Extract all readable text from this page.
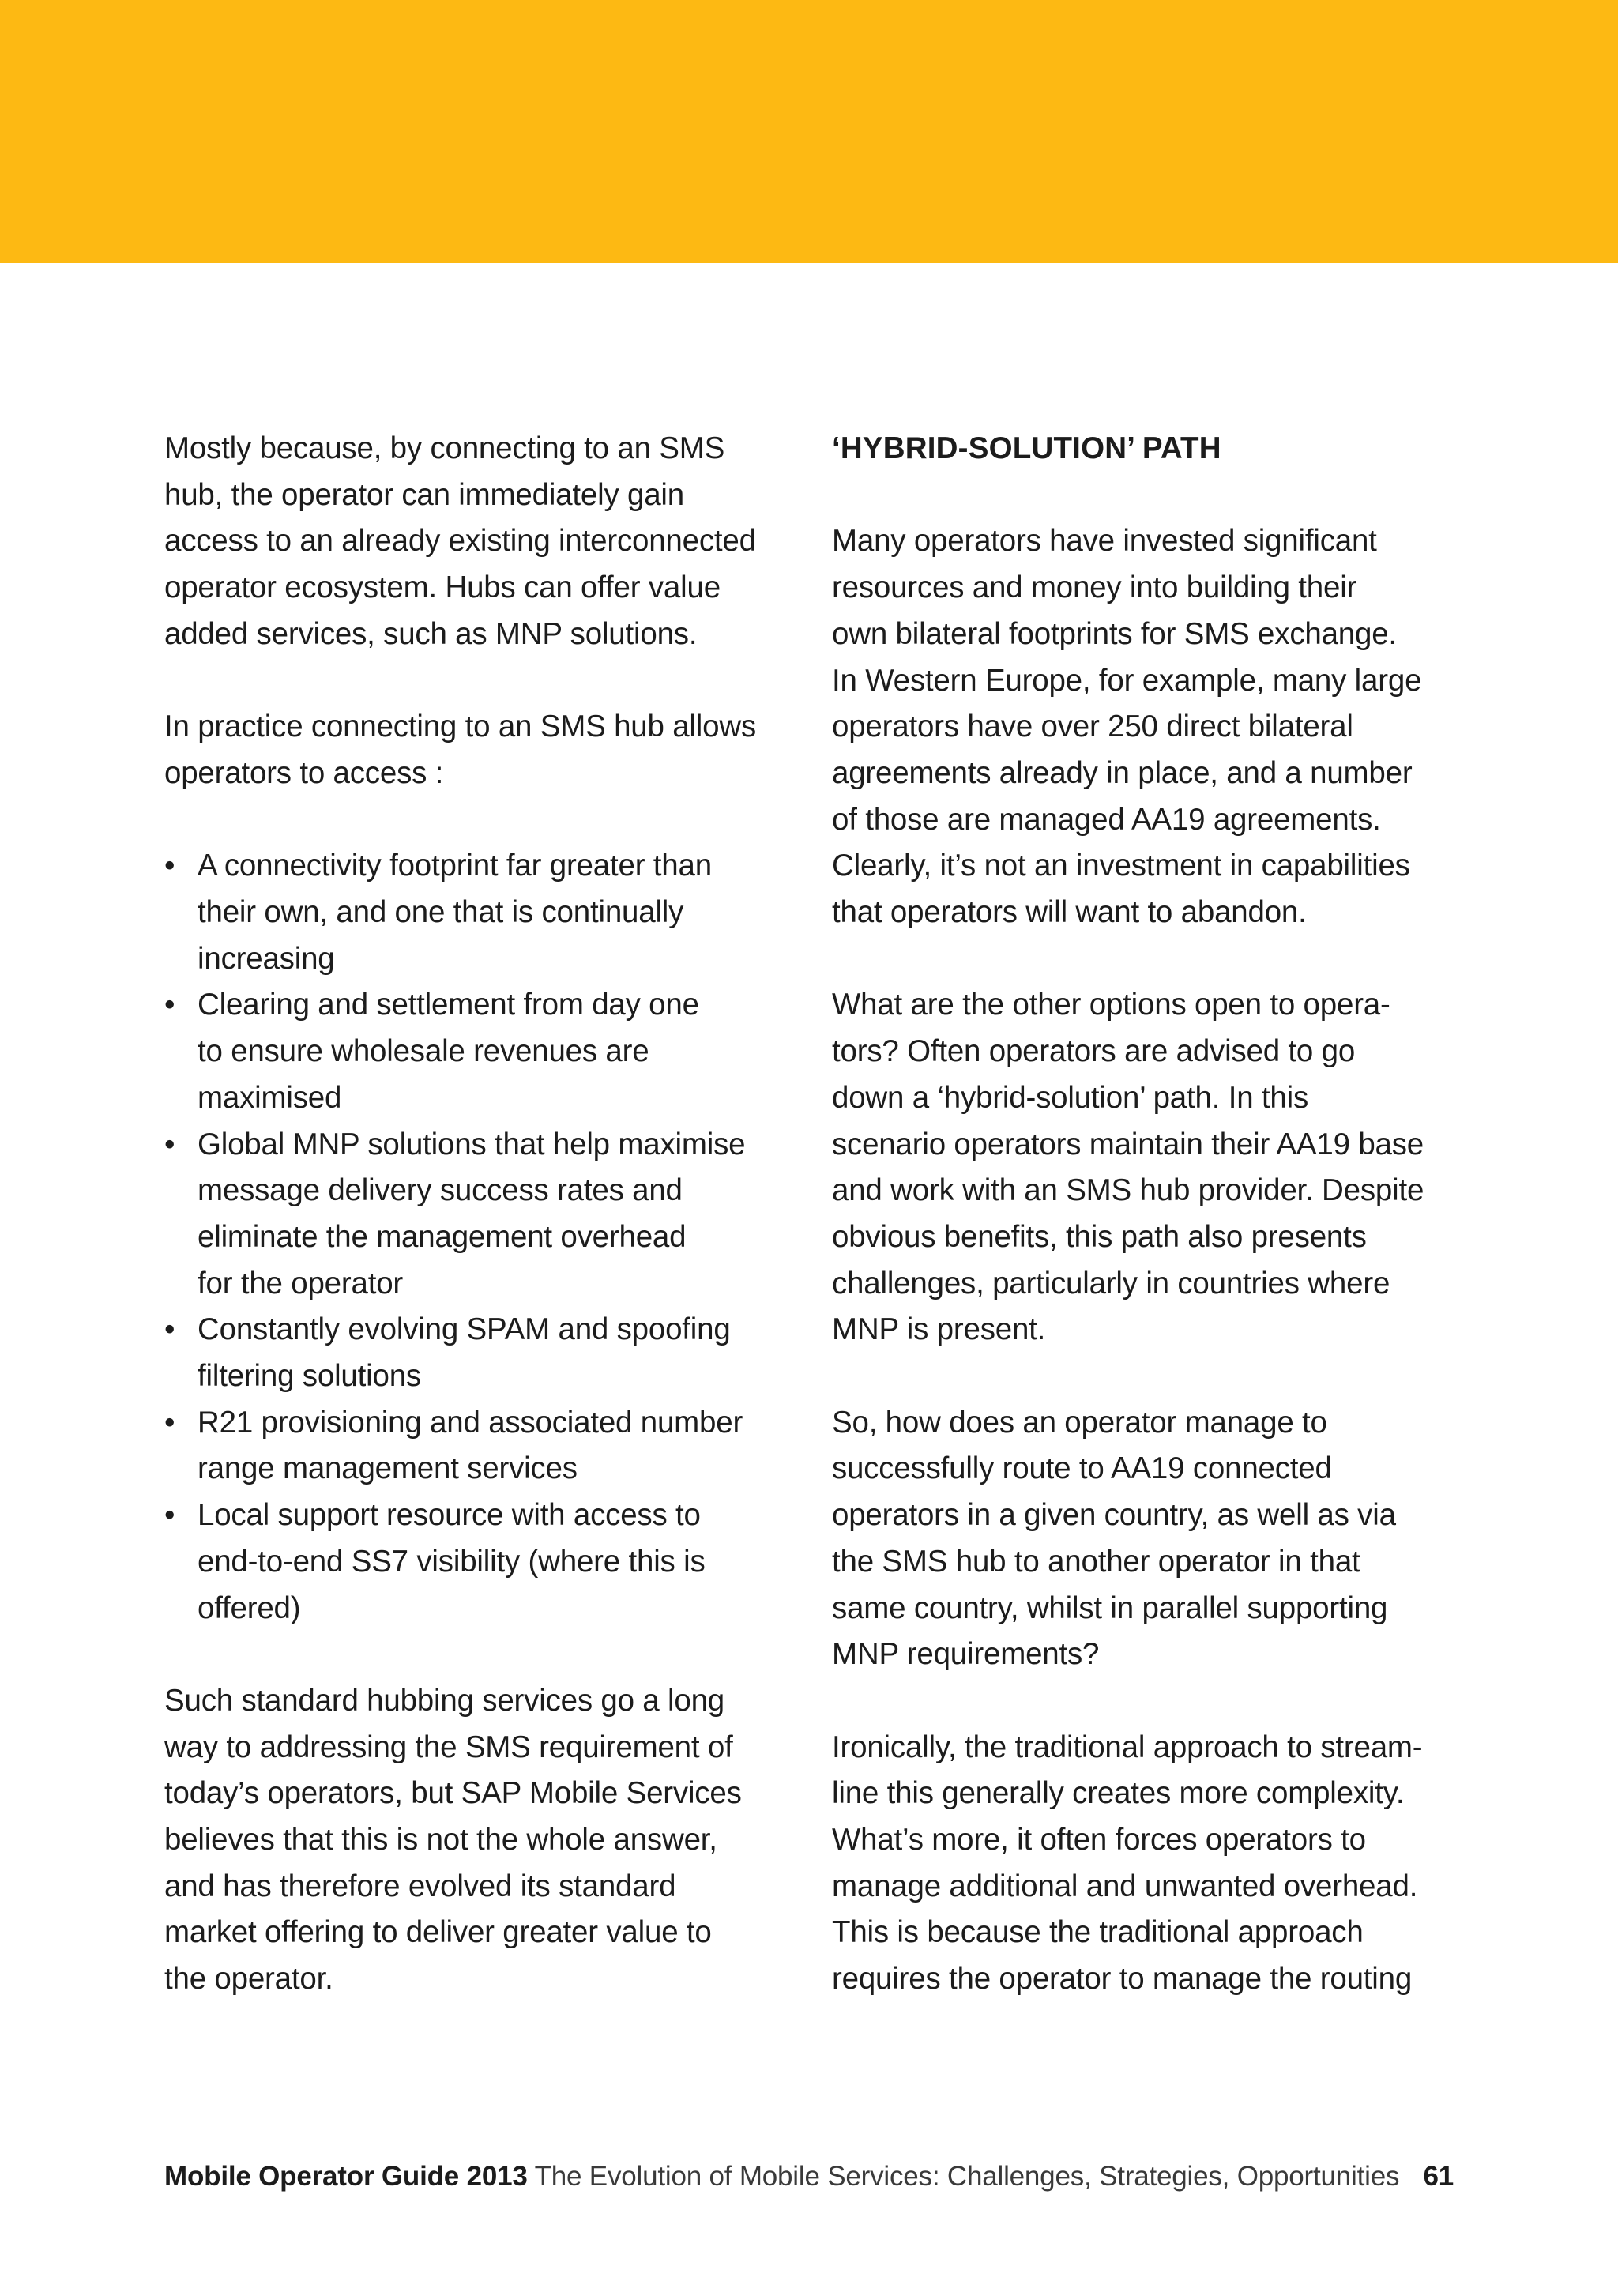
Mostly because, by connecting to an SMS
hub, the operator can immediately gain
access to an already existing interconnected
operator ecosystem. Hubs can offer value
added services, such as MNP solutions.

In practice connecting to an SMS hub allows
operators to access :

• A connectivity footprint far greater than
their own, and one that is continually
increasing
• Clearing and settlement from day one
to ensure wholesale revenues are
maximised
• Global MNP solutions that help maximise
message delivery success rates and
eliminate the management overhead
for the operator
• Constantly evolving SPAM and spoofing
filtering solutions
• R21 provisioning and associated number
range management services
• Local support resource with access to
end-to-end SS7 visibility (where this is
offered)

Such standard hubbing services go a long
way to addressing the SMS requirement of
today’s operators, but SAP Mobile Services
believes that this is not the whole answer,
and has therefore evolved its standard
market offering to deliver greater value to
the operator.

‘HYBRID-SOLUTION’ PATH

Many operators have invested significant
resources and money into building their
own bilateral footprints for SMS exchange.
In Western Europe, for example, many large
operators have over 250 direct bilateral
agreements already in place, and a number
of those are managed AA19 agreements.
Clearly, it’s not an investment in capabilities
that operators will want to abandon.

What are the other options open to opera-
tors? Often operators are advised to go
down a ‘hybrid-solution’ path. In this
scenario operators maintain their AA19 base
and work with an SMS hub provider. Despite
obvious benefits, this path also presents
challenges, particularly in countries where
MNP is present.

So, how does an operator manage to
successfully route to AA19 connected
operators in a given country, as well as via
the SMS hub to another operator in that
same country, whilst in parallel supporting
MNP requirements?

Ironically, the traditional approach to stream-
line this generally creates more complexity.
What’s more, it often forces operators to
manage additional and unwanted overhead.
This is because the traditional approach
requires the operator to manage the routing

Mobile Operator Guide 2013 The Evolution of Mobile Services: Challenges, Strategies, Opportunities 61
